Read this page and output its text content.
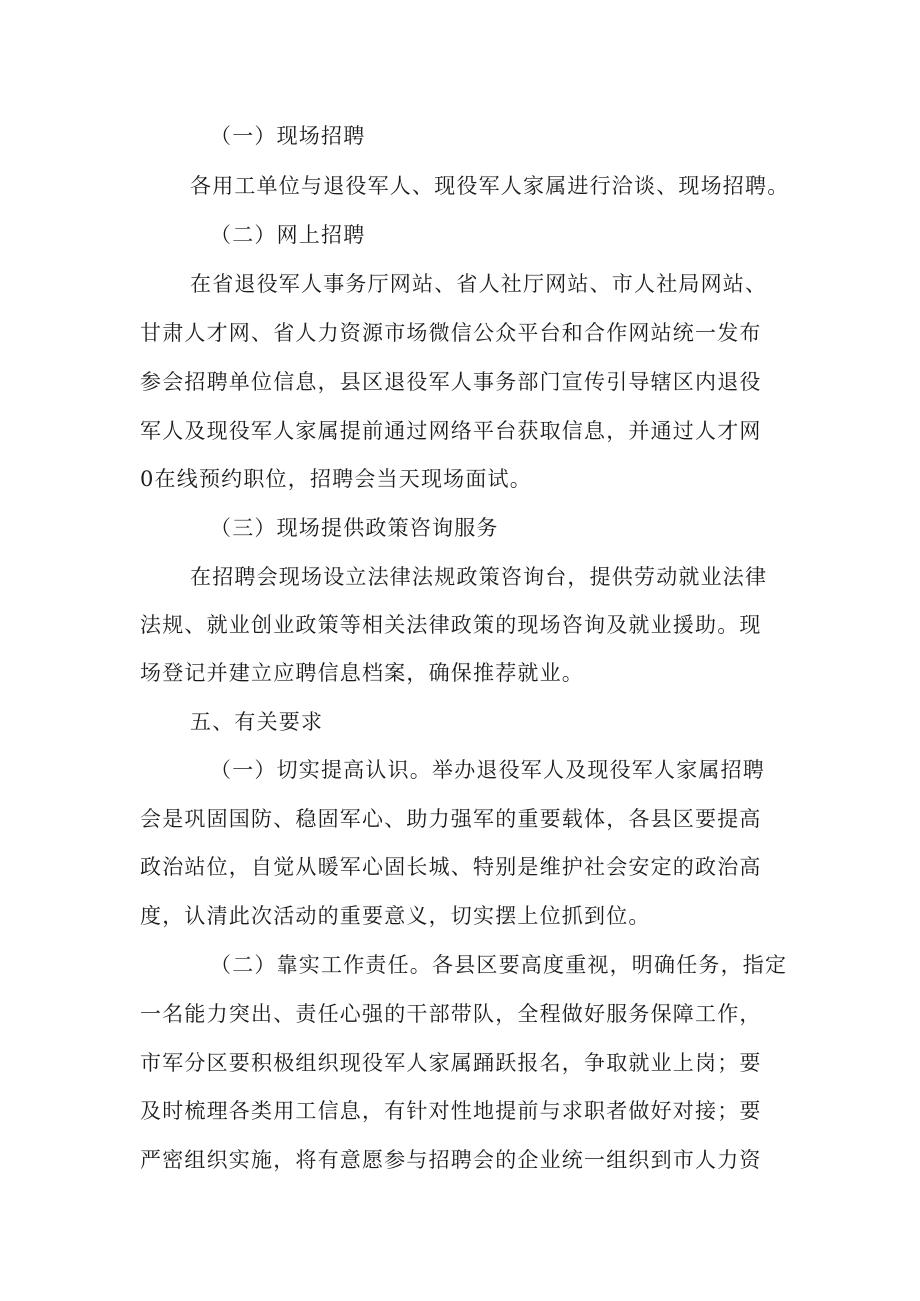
（一）现场招聘
各用工单位与退役军人、现役军人家属进行洽谈、现场招聘。
（二）网上招聘
在省退役军人事务厅网站、省人社厅网站、市人社局网站、
甘肃人才网、省人力资源市场微信公众平台和合作网站统一发布
参会招聘单位信息，县区退役军人事务部门宣传引导辖区内退役
军人及现役军人家属提前通过网络平台获取信息，并通过人才网
0在线预约职位，招聘会当天现场面试。
（三）现场提供政策咨询服务
在招聘会现场设立法律法规政策咨询台，提供劳动就业法律
法规、就业创业政策等相关法律政策的现场咨询及就业援助。现
场登记并建立应聘信息档案，确保推荐就业。
五、有关要求
（一）切实提高认识。举办退役军人及现役军人家属招聘
会是巩固国防、稳固军心、助力强军的重要载体，各县区要提高
政治站位，自觉从暖军心固长城、特别是维护社会安定的政治高
度，认清此次活动的重要意义，切实摆上位抓到位。
（二）靠实工作责任。各县区要高度重视，明确任务，指定
一名能力突出、责任心强的干部带队，全程做好服务保障工作，
市军分区要积极组织现役军人家属踊跃报名，争取就业上岗；要
及时梳理各类用工信息，有针对性地提前与求职者做好对接；要
严密组织实施，将有意愿参与招聘会的企业统一组织到市人力资
